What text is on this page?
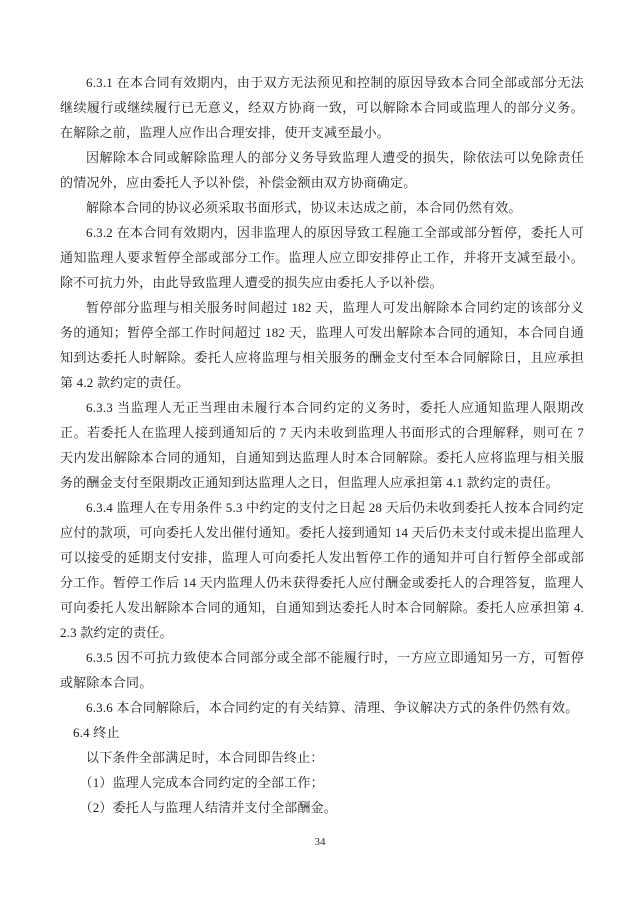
6.3.1 在本合同有效期内，由于双方无法预见和控制的原因导致本合同全部或部分无法继续履行或继续履行已无意义，经双方协商一致，可以解除本合同或监理人的部分义务。在解除之前，监理人应作出合理安排，使开支减至最小。

因解除本合同或解除监理人的部分义务导致监理人遭受的损失，除依法可以免除责任的情况外，应由委托人予以补偿，补偿金额由双方协商确定。

解除本合同的协议必须采取书面形式，协议未达成之前，本合同仍然有效。

6.3.2 在本合同有效期内，因非监理人的原因导致工程施工全部或部分暂停，委托人可通知监理人要求暂停全部或部分工作。监理人应立即安排停止工作，并将开支减至最小。除不可抗力外，由此导致监理人遭受的损失应由委托人予以补偿。

暂停部分监理与相关服务时间超过 182 天，监理人可发出解除本合同约定的该部分义务的通知；暂停全部工作时间超过 182 天，监理人可发出解除本合同的通知，本合同自通知到达委托人时解除。委托人应将监理与相关服务的酬金支付至本合同解除日，且应承担第 4.2 款约定的责任。

6.3.3 当监理人无正当理由未履行本合同约定的义务时，委托人应通知监理人限期改正。若委托人在监理人接到通知后的 7 天内未收到监理人书面形式的合理解释，则可在 7 天内发出解除本合同的通知，自通知到达监理人时本合同解除。委托人应将监理与相关服务的酬金支付至限期改正通知到达监理人之日，但监理人应承担第 4.1 款约定的责任。

6.3.4 监理人在专用条件 5.3 中约定的支付之日起 28 天后仍未收到委托人按本合同约定应付的款项，可向委托人发出催付通知。委托人接到通知 14 天后仍未支付或未提出监理人可以接受的延期支付安排，监理人可向委托人发出暂停工作的通知并可自行暂停全部或部分工作。暂停工作后 14 天内监理人仍未获得委托人应付酬金或委托人的合理答复，监理人可向委托人发出解除本合同的通知，自通知到达委托人时本合同解除。委托人应承担第 4.2.3 款约定的责任。

6.3.5 因不可抗力致使本合同部分或全部不能履行时，一方应立即通知另一方，可暂停或解除本合同。

6.3.6 本合同解除后，本合同约定的有关结算、清理、争议解决方式的条件仍然有效。

6.4 终止

以下条件全部满足时，本合同即告终止：

（1）监理人完成本合同约定的全部工作；

（2）委托人与监理人结清并支付全部酬金。

34
